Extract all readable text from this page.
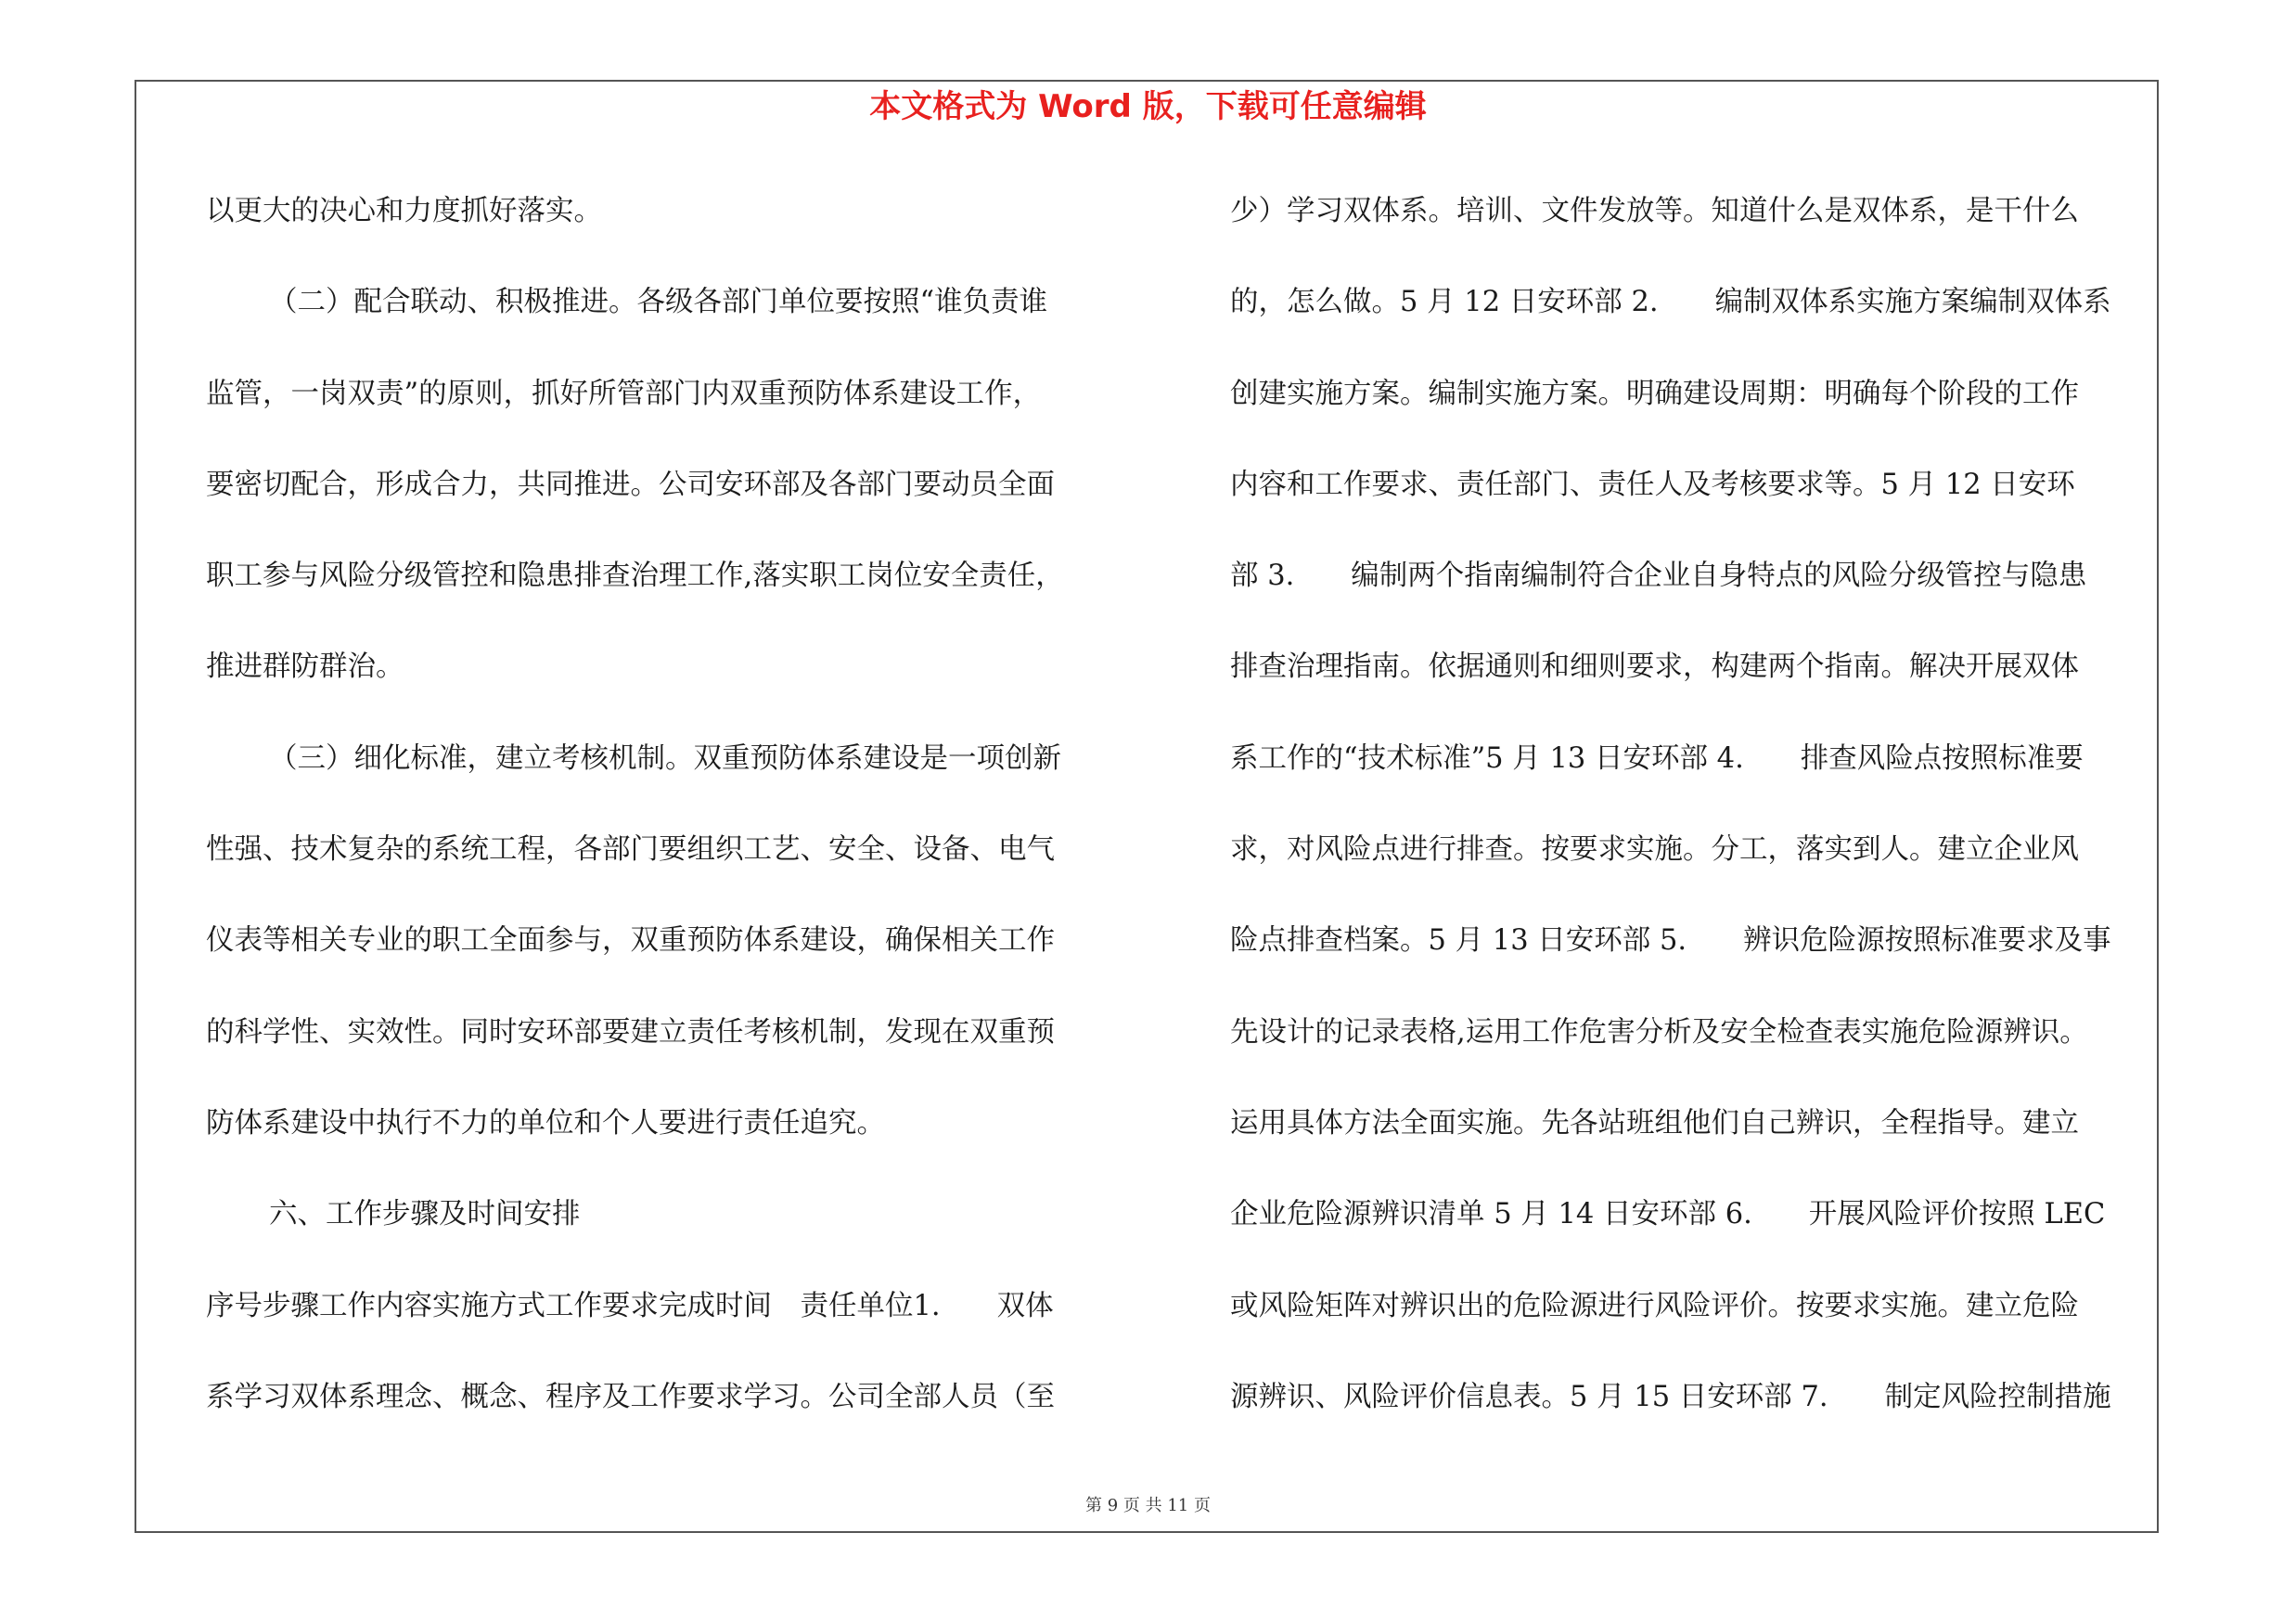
本文格式为 Word 版，下载可任意编辑
以更大的决心和力度抓好落实。
（二）配合联动、积极推进。各级各部门单位要按照“谁负责谁
监管，一岗双责”的原则，抓好所管部门内双重预防体系建设工作，
要密切配合，形成合力，共同推进。公司安环部及各部门要动员全面
职工参与风险分级管控和隐患排查治理工作,落实职工岗位安全责任，
推进群防群治。
（三）细化标准，建立考核机制。双重预防体系建设是一项创新
性强、技术复杂的系统工程，各部门要组织工艺、安全、设备、电气
仪表等相关专业的职工全面参与，双重预防体系建设，确保相关工作
的科学性、实效性。同时安环部要建立责任考核机制，发现在双重预
防体系建设中执行不力的单位和个人要进行责任追究。
六、工作步骤及时间安排
序号步骤工作内容实施方式工作要求完成时间　责任单位1.　　双体
系学习双体系理念、概念、程序及工作要求学习。公司全部人员（至
少）学习双体系。培训、文件发放等。知道什么是双体系，是干什么
的，怎么做。5 月 12 日安环部 2.　　编制双体系实施方案编制双体系
创建实施方案。编制实施方案。明确建设周期：明确每个阶段的工作
内容和工作要求、责任部门、责任人及考核要求等。5 月 12 日安环
部 3.　　编制两个指南编制符合企业自身特点的风险分级管控与隐患
排查治理指南。依据通则和细则要求，构建两个指南。解决开展双体
系工作的“技术标准”5 月 13 日安环部 4.　　排查风险点按照标准要
求，对风险点进行排查。按要求实施。分工，落实到人。建立企业风
险点排查档案。5 月 13 日安环部 5.　　辨识危险源按照标准要求及事
先设计的记录表格,运用工作危害分析及安全检查表实施危险源辨识。
运用具体方法全面实施。先各站班组他们自己辨识，全程指导。建立
企业危险源辨识清单 5 月 14 日安环部 6.　　开展风险评价按照 LEC
或风险矩阵对辨识出的危险源进行风险评价。按要求实施。建立危险
源辨识、风险评价信息表。5 月 15 日安环部 7.　　制定风险控制措施
第 9 页 共 11 页
